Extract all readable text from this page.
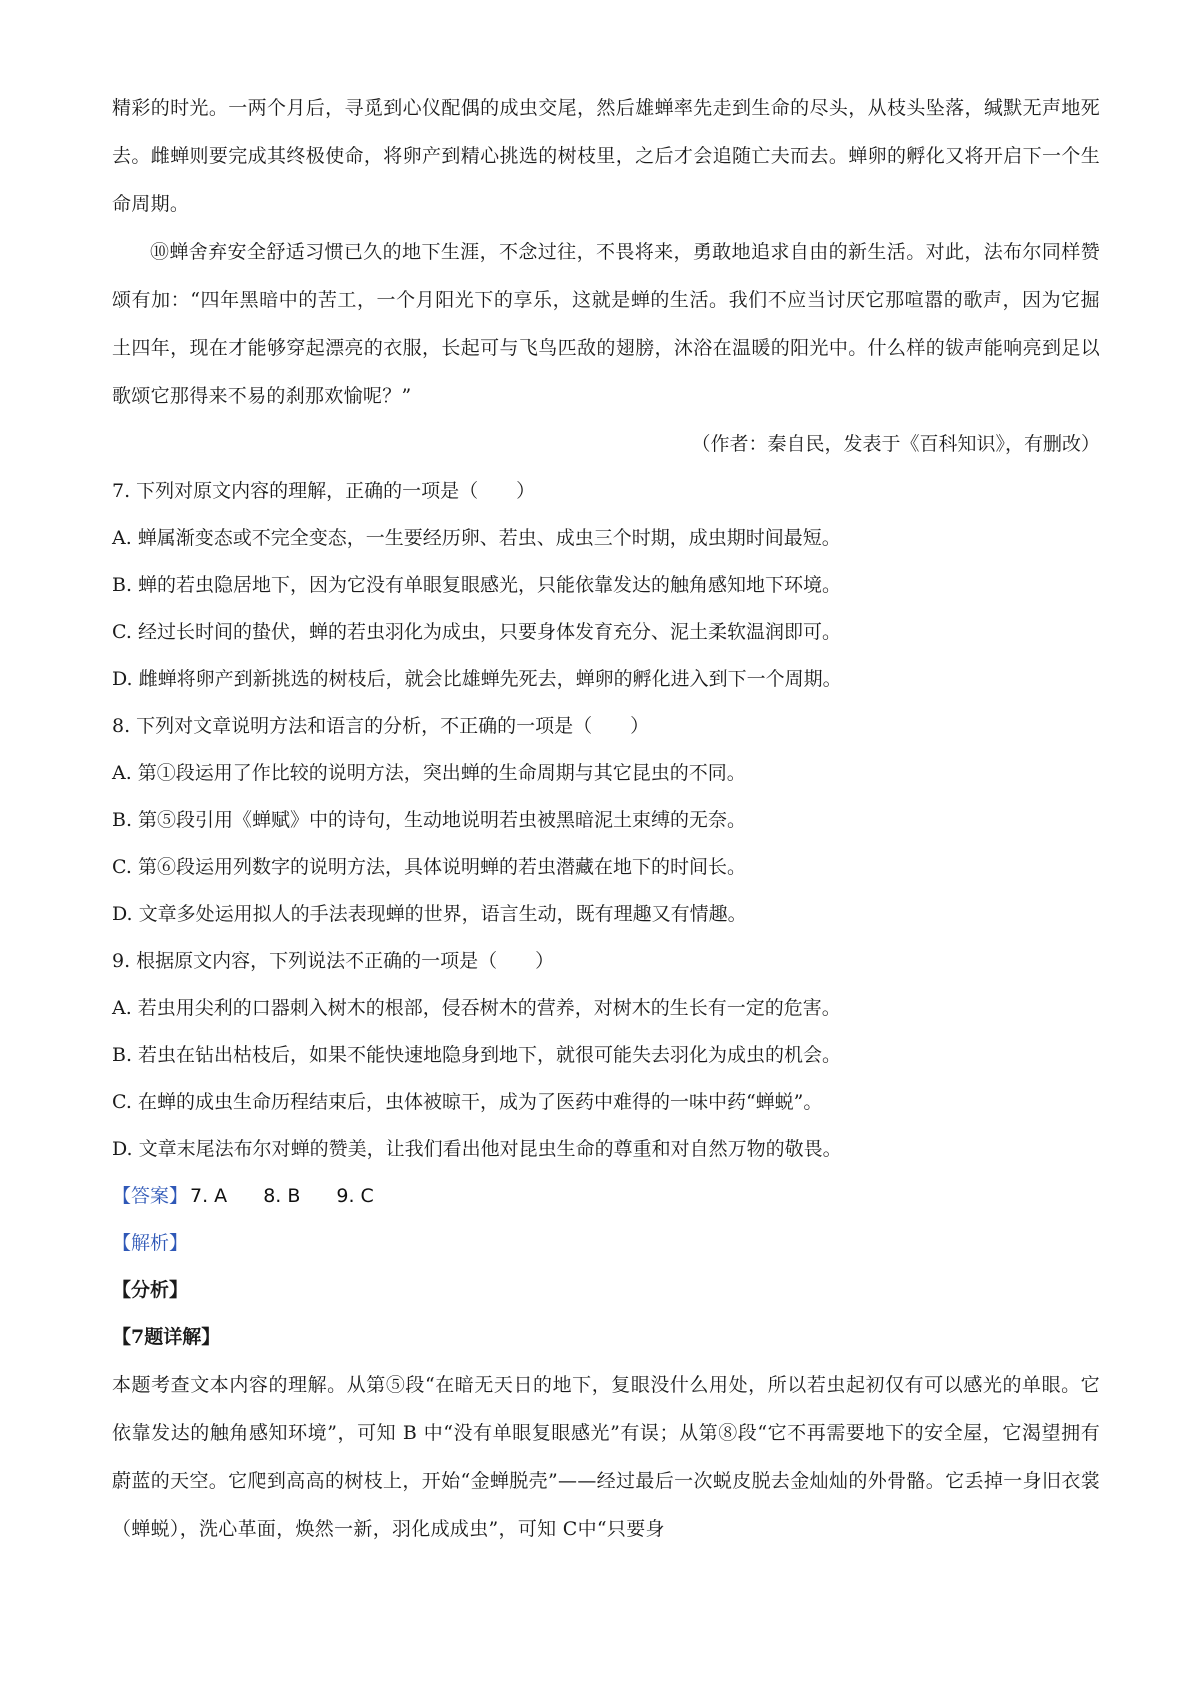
精彩的时光。一两个月后，寻觅到心仪配偶的成虫交尾，然后雄蝉率先走到生命的尽头，从枝头坠落，缄默无声地死去。雌蝉则要完成其终极使命，将卵产到精心挑选的树枝里，之后才会追随亡夫而去。蝉卵的孵化又将开启下一个生命周期。

⑩蝉舍弃安全舒适习惯已久的地下生涯，不念过往，不畏将来，勇敢地追求自由的新生活。对此，法布尔同样赞颂有加：“四年黑暗中的苦工，一个月阳光下的享乐，这就是蝉的生活。我们不应当讨厌它那喧嚣的歌声，因为它掘土四年，现在才能够穿起漂亮的衣服，长起可与飞鸟匹敌的翅膀，沐浴在温暖的阳光中。什么样的钹声能响亮到足以歌颂它那得来不易的刹那欢愉呢？”

（作者：秦自民，发表于《百科知识》，有删改）

7. 下列对原文内容的理解，正确的一项是（　　）

A. 蝉属渐变态或不完全变态，一生要经历卵、若虫、成虫三个时期，成虫期时间最短。

B. 蝉的若虫隐居地下，因为它没有单眼复眼感光，只能依靠发达的触角感知地下环境。

C. 经过长时间的蛰伏，蝉的若虫羽化为成虫，只要身体发育充分、泥土柔软温润即可。

D. 雌蝉将卵产到新挑选的树枝后，就会比雄蝉先死去，蝉卵的孵化进入到下一个周期。

8. 下列对文章说明方法和语言的分析，不正确的一项是（　　）

A. 第①段运用了作比较的说明方法，突出蝉的生命周期与其它昆虫的不同。

B. 第⑤段引用《蝉赋》中的诗句，生动地说明若虫被黑暗泥土束缚的无奈。

C. 第⑥段运用列数字的说明方法，具体说明蝉的若虫潜藏在地下的时间长。

D. 文章多处运用拟人的手法表现蝉的世界，语言生动，既有理趣又有情趣。

9. 根据原文内容，下列说法不正确的一项是（　　）

A. 若虫用尖利的口器刺入树木的根部，侵吞树木的营养，对树木的生长有一定的危害。

B. 若虫在钻出枯枝后，如果不能快速地隐身到地下，就很可能失去羽化为成虫的机会。

C. 在蝉的成虫生命历程结束后，虫体被晾干，成为了医药中难得的一味中药“蝉蜕”。

D. 文章末尾法布尔对蝉的赞美，让我们看出他对昆虫生命的尊重和对自然万物的敬畏。

【答案】 7. A 8. B 9. C

【解析】

【分析】

【7题详解】

本题考查文本内容的理解。从第⑤段“在暗无天日的地下，复眼没什么用处，所以若虫起初仅有可以感光的单眼。它依靠发达的触角感知环境”，可知 B 中“没有单眼复眼感光”有误；从第⑧段“它不再需要地下的安全屋，它渴望拥有蔚蓝的天空。它爬到高高的树枝上，开始“金蝉脱壳”——经过最后一次蜕皮脱去金灿灿的外骨骼。它丢掉一身旧衣裳（蝉蜕），洗心革面，焕然一新，羽化成成虫”，可知 C中“只要身
